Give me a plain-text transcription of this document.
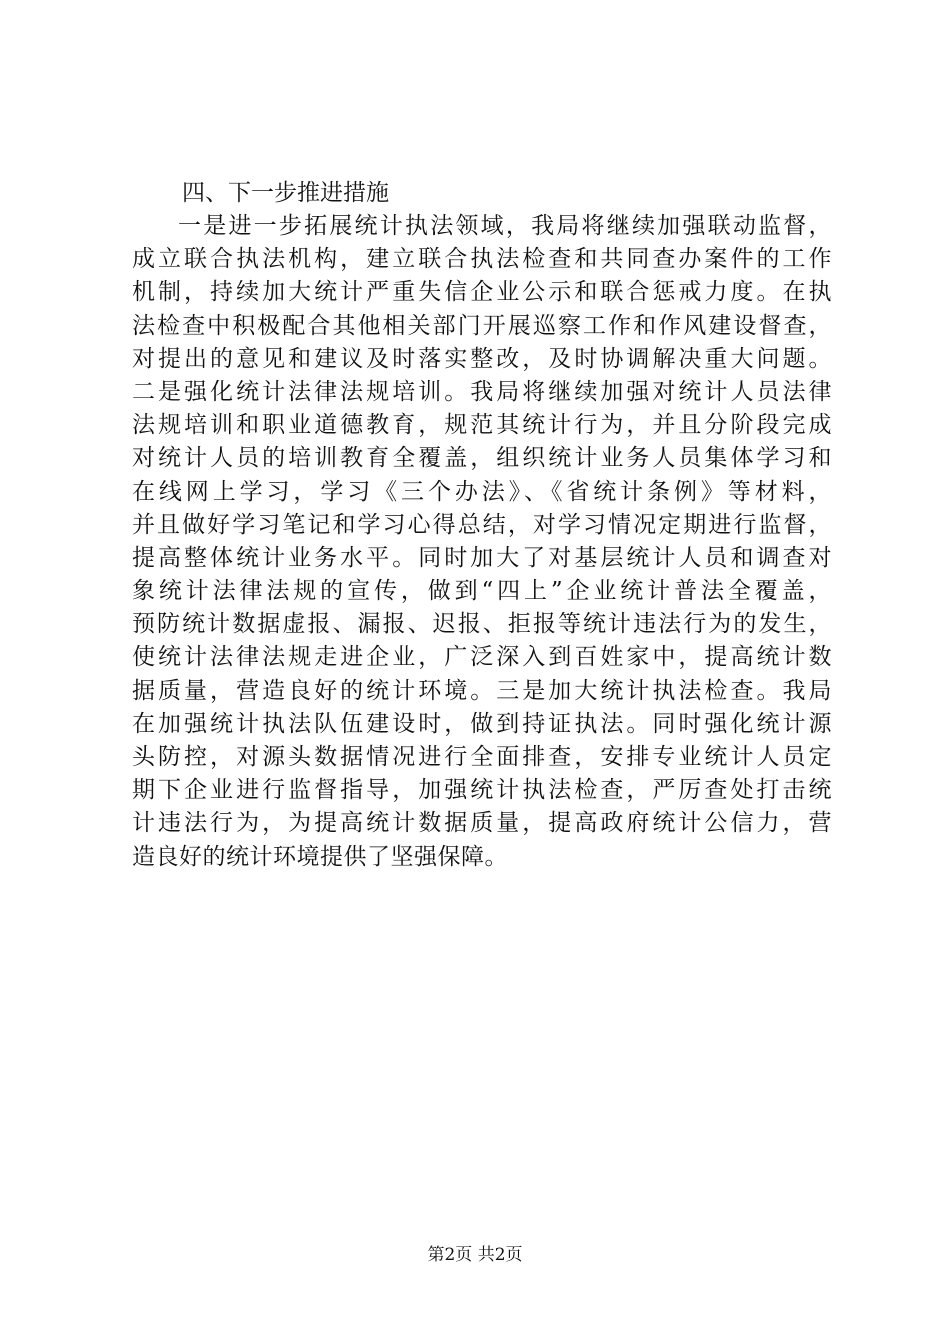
四、下一步推进措施
一是进一步拓展统计执法领域，我局将继续加强联动监督，
成立联合执法机构，建立联合执法检查和共同查办案件的工作
机制，持续加大统计严重失信企业公示和联合惩戒力度。在执
法检查中积极配合其他相关部门开展巡察工作和作风建设督查，
对提出的意见和建议及时落实整改，及时协调解决重大问题。
二是强化统计法律法规培训。我局将继续加强对统计人员法律
法规培训和职业道德教育，规范其统计行为，并且分阶段完成
对统计人员的培训教育全覆盖，组织统计业务人员集体学习和
在线网上学习，学习《三个办法》、《省统计条例》等材料，
并且做好学习笔记和学习心得总结，对学习情况定期进行监督，
提高整体统计业务水平。同时加大了对基层统计人员和调查对
象统计法律法规的宣传，做到“四上”企业统计普法全覆盖，
预防统计数据虚报、漏报、迟报、拒报等统计违法行为的发生，
使统计法律法规走进企业，广泛深入到百姓家中，提高统计数
据质量，营造良好的统计环境。三是加大统计执法检查。我局
在加强统计执法队伍建设时，做到持证执法。同时强化统计源
头防控，对源头数据情况进行全面排查，安排专业统计人员定
期下企业进行监督指导，加强统计执法检查，严厉查处打击统
计违法行为，为提高统计数据质量，提高政府统计公信力，营
造良好的统计环境提供了坚强保障。
第2页 共2页
